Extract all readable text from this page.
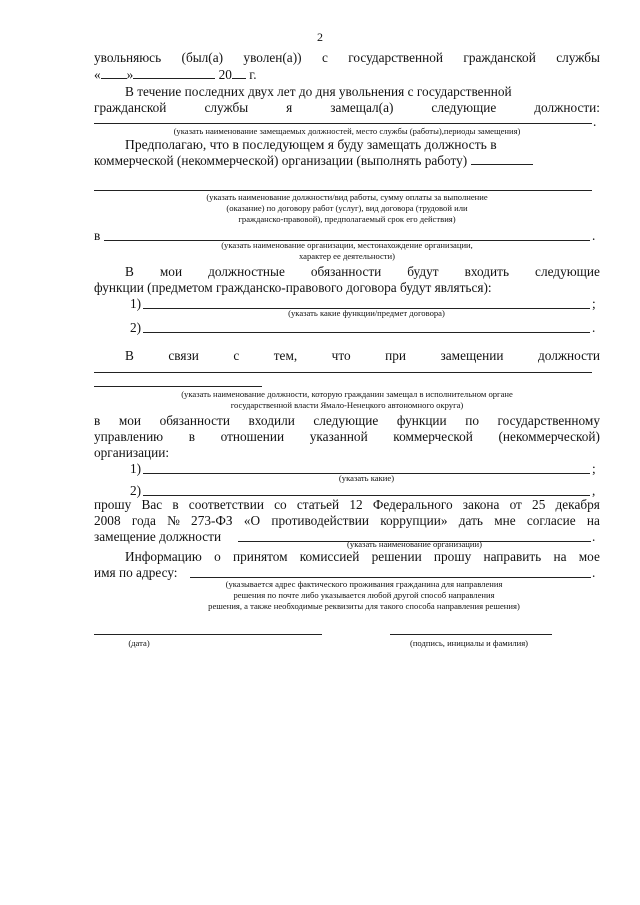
2
увольняюсь (был(а) уволен(а)) с государственной гражданской службы
« »	20 г.
В течение последних двух лет до дня увольнения с государственной
гражданской	службы	я	замещал(а)	следующие	должности:
.
(указать наименование замещаемых должностей, место службы (работы),периоды замещения)
Предполагаю, что в последующем я буду замещать должность в
коммерческой (некоммерческой) организации (выполнять работу)
(указать наименование должности/вид работы, сумму оплаты за выполнение
(оказание) по договору работ (услуг), вид договора (трудовой или
гражданско-правовой), предполагаемый срок его действия)
в	.
(указать наименование организации, местонахождение организации,
характер ее деятельности)
В мои должностные обязанности будут входить следующие
функции (предметом гражданско-правового договора будут являться):
1)	;
(указать какие функции/предмет договора)
2)	.
В	связи	с	тем,	что	при	замещении	должности
(указать наименование должности, которую гражданин замещал в исполнительном органе
государственной власти Ямало-Ненецкого автономного округа)
в мои обязанности входили следующие функции по государственному
управлению в отношении указанной коммерческой (некоммерческой)
организации:
1)	;
(указать какие)
2)	,
прошу Вас в соответствии со статьей 12 Федерального закона от 25 декабря
2008 года № 273-ФЗ «О противодействии коррупции» дать мне согласие на
замещение должности	.
(указать наименование организации)
Информацию о принятом комиссией решении прошу направить на мое
имя по адресу:	.
(указывается адрес фактического проживания гражданина для направления
решения по почте либо указывается любой другой способ направления
решения, а также необходимые реквизиты для такого способа направления решения)
(дата)	(подпись, инициалы и фамилия)
